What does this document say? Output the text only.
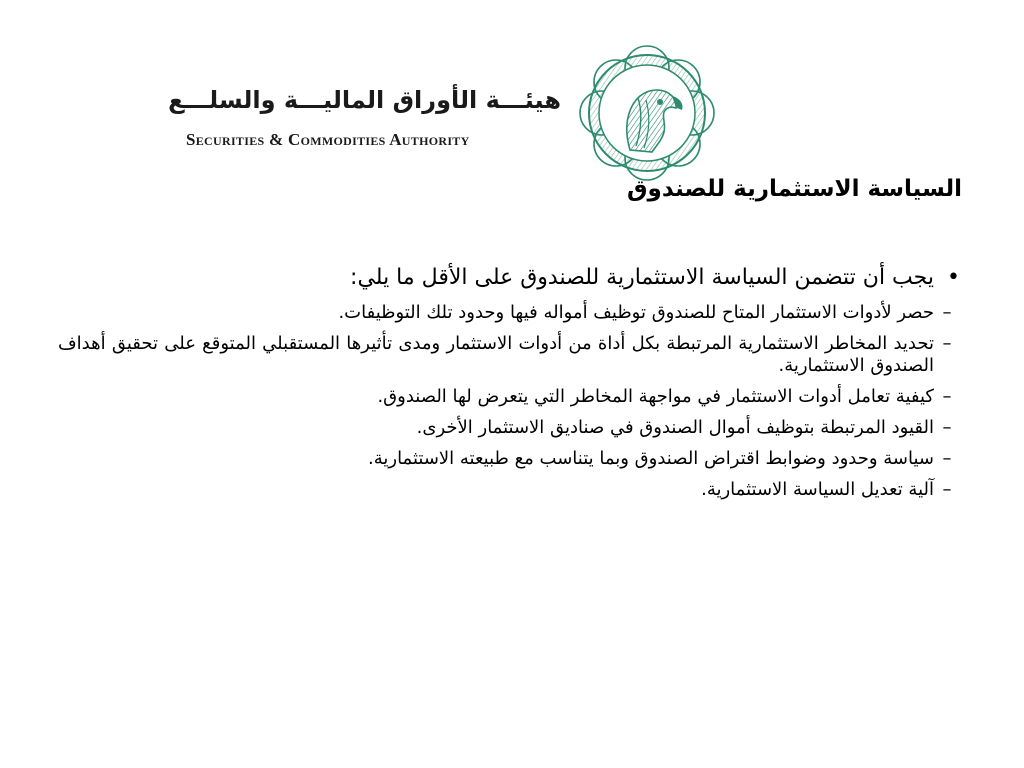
هيئـــة الأوراق الماليـــة والسلـــع
Securities & Commodities Authority
السياسة الاستثمارية للصندوق
•
يجب أن تتضمن السياسة الاستثمارية للصندوق على الأقل ما يلي:
–
حصر لأدوات الاستثمار المتاح للصندوق توظيف أمواله فيها وحدود تلك التوظيفات.
–
تحديد المخاطر الاستثمارية المرتبطة بكل أداة من أدوات الاستثمار ومدى تأثيرها المستقبلي المتوقع على تحقيق أهداف الصندوق الاستثمارية.
–
كيفية تعامل أدوات الاستثمار في مواجهة المخاطر التي يتعرض لها الصندوق.
–
القيود المرتبطة بتوظيف أموال الصندوق في صناديق الاستثمار الأخرى.
–
سياسة وحدود وضوابط اقتراض الصندوق وبما يتناسب مع طبيعته الاستثمارية.
–
آلية تعديل السياسة الاستثمارية.
